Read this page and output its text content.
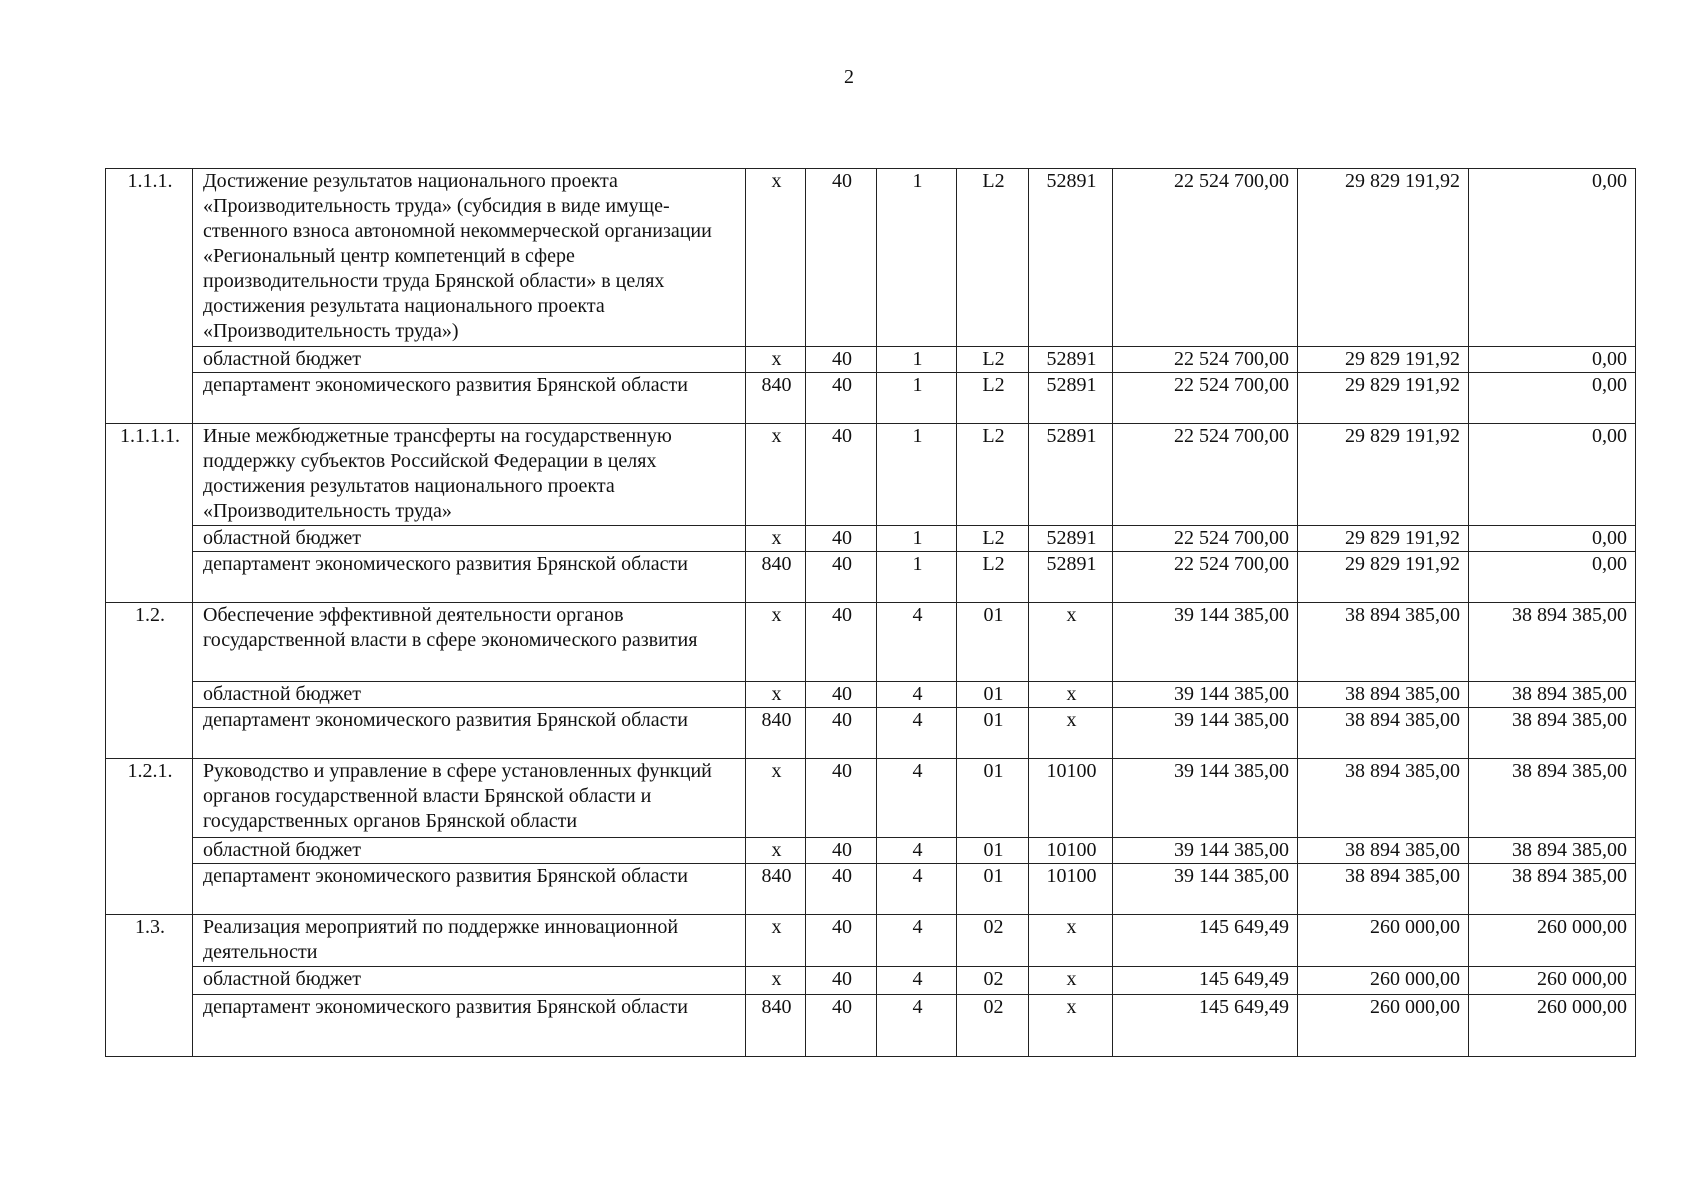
2
1.1.1.	Достижение результатов национального проекта «Производительность труда» (субсидия в виде имуще-ственного взноса автономной некоммерческой организации «Региональный центр компетенций в сфере производительности труда Брянской области» в целях достижения результата национального проекта «Производительность труда»)	х	40	1	L2	52891	22 524 700,00	29 829 191,92	0,00
	областной бюджет	х	40	1	L2	52891	22 524 700,00	29 829 191,92	0,00
	департамент экономического развития Брянской области	840	40	1	L2	52891	22 524 700,00	29 829 191,92	0,00
1.1.1.1.	Иные межбюджетные трансферты на государственную поддержку субъектов Российской Федерации в целях достижения результатов национального проекта «Производительность труда»	х	40	1	L2	52891	22 524 700,00	29 829 191,92	0,00
	областной бюджет	х	40	1	L2	52891	22 524 700,00	29 829 191,92	0,00
	департамент экономического развития Брянской области	840	40	1	L2	52891	22 524 700,00	29 829 191,92	0,00
1.2.	Обеспечение эффективной деятельности органов государственной власти в сфере экономического развития	х	40	4	01	х	39 144 385,00	38 894 385,00	38 894 385,00
	областной бюджет	х	40	4	01	х	39 144 385,00	38 894 385,00	38 894 385,00
	департамент экономического развития Брянской области	840	40	4	01	х	39 144 385,00	38 894 385,00	38 894 385,00
1.2.1.	Руководство и управление в сфере установленных функций органов государственной власти Брянской области и государственных органов Брянской области	х	40	4	01	10100	39 144 385,00	38 894 385,00	38 894 385,00
	областной бюджет	х	40	4	01	10100	39 144 385,00	38 894 385,00	38 894 385,00
	департамент экономического развития Брянской области	840	40	4	01	10100	39 144 385,00	38 894 385,00	38 894 385,00
1.3.	Реализация мероприятий по поддержке инновационной деятельности	х	40	4	02	х	145 649,49	260 000,00	260 000,00
	областной бюджет	х	40	4	02	х	145 649,49	260 000,00	260 000,00
	департамент экономического развития Брянской области	840	40	4	02	х	145 649,49	260 000,00	260 000,00
